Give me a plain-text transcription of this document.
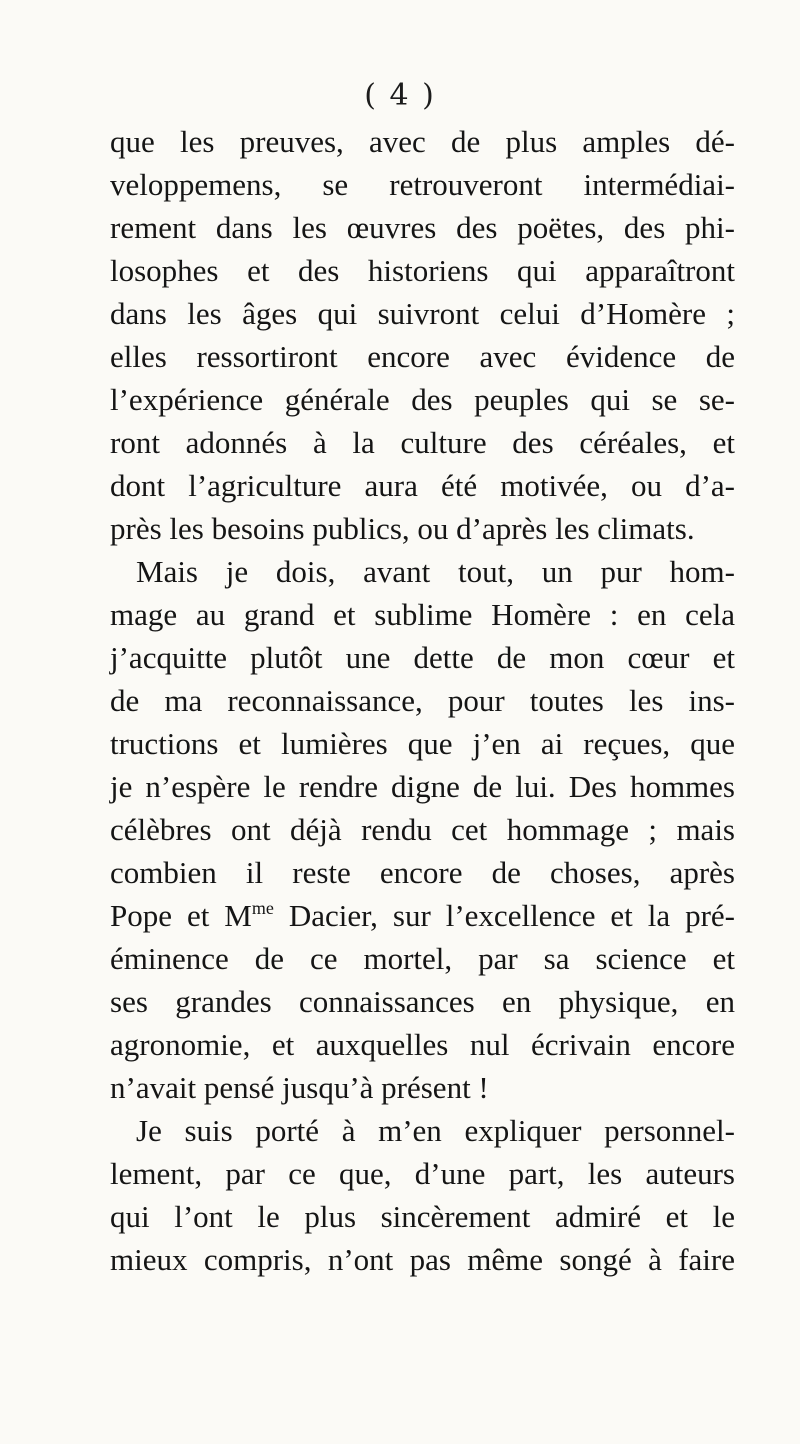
( 4 )
que les preuves, avec de plus amples dé-
veloppemens, se retrouveront intermédiai-
rement dans les œuvres des poëtes, des phi-
losophes et des historiens qui apparaîtront
dans les âges qui suivront celui d’Homère ;
elles ressortiront encore avec évidence de
l’expérience générale des peuples qui se se-
ront adonnés à la culture des céréales, et
dont l’agriculture aura été motivée, ou d’a-
près les besoins publics, ou d’après les climats.
Mais je dois, avant tout, un pur hom-
mage au grand et sublime Homère : en cela
j’acquitte plutôt une dette de mon cœur et
de ma reconnaissance, pour toutes les ins-
tructions et lumières que j’en ai reçues, que
je n’espère le rendre digne de lui. Des hommes
célèbres ont déjà rendu cet hommage ; mais
combien il reste encore de choses, après
Pope et $M^{me}$ Dacier, sur l’excellence et la pré-
éminence de ce mortel, par sa science et
ses grandes connaissances en physique, en
agronomie, et auxquelles nul écrivain encore
n’avait pensé jusqu’à présent !
Je suis porté à m’en expliquer personnel-
lement, par ce que, d’une part, les auteurs
qui l’ont le plus sincèrement admiré et le
mieux compris, n’ont pas même songé à faire
